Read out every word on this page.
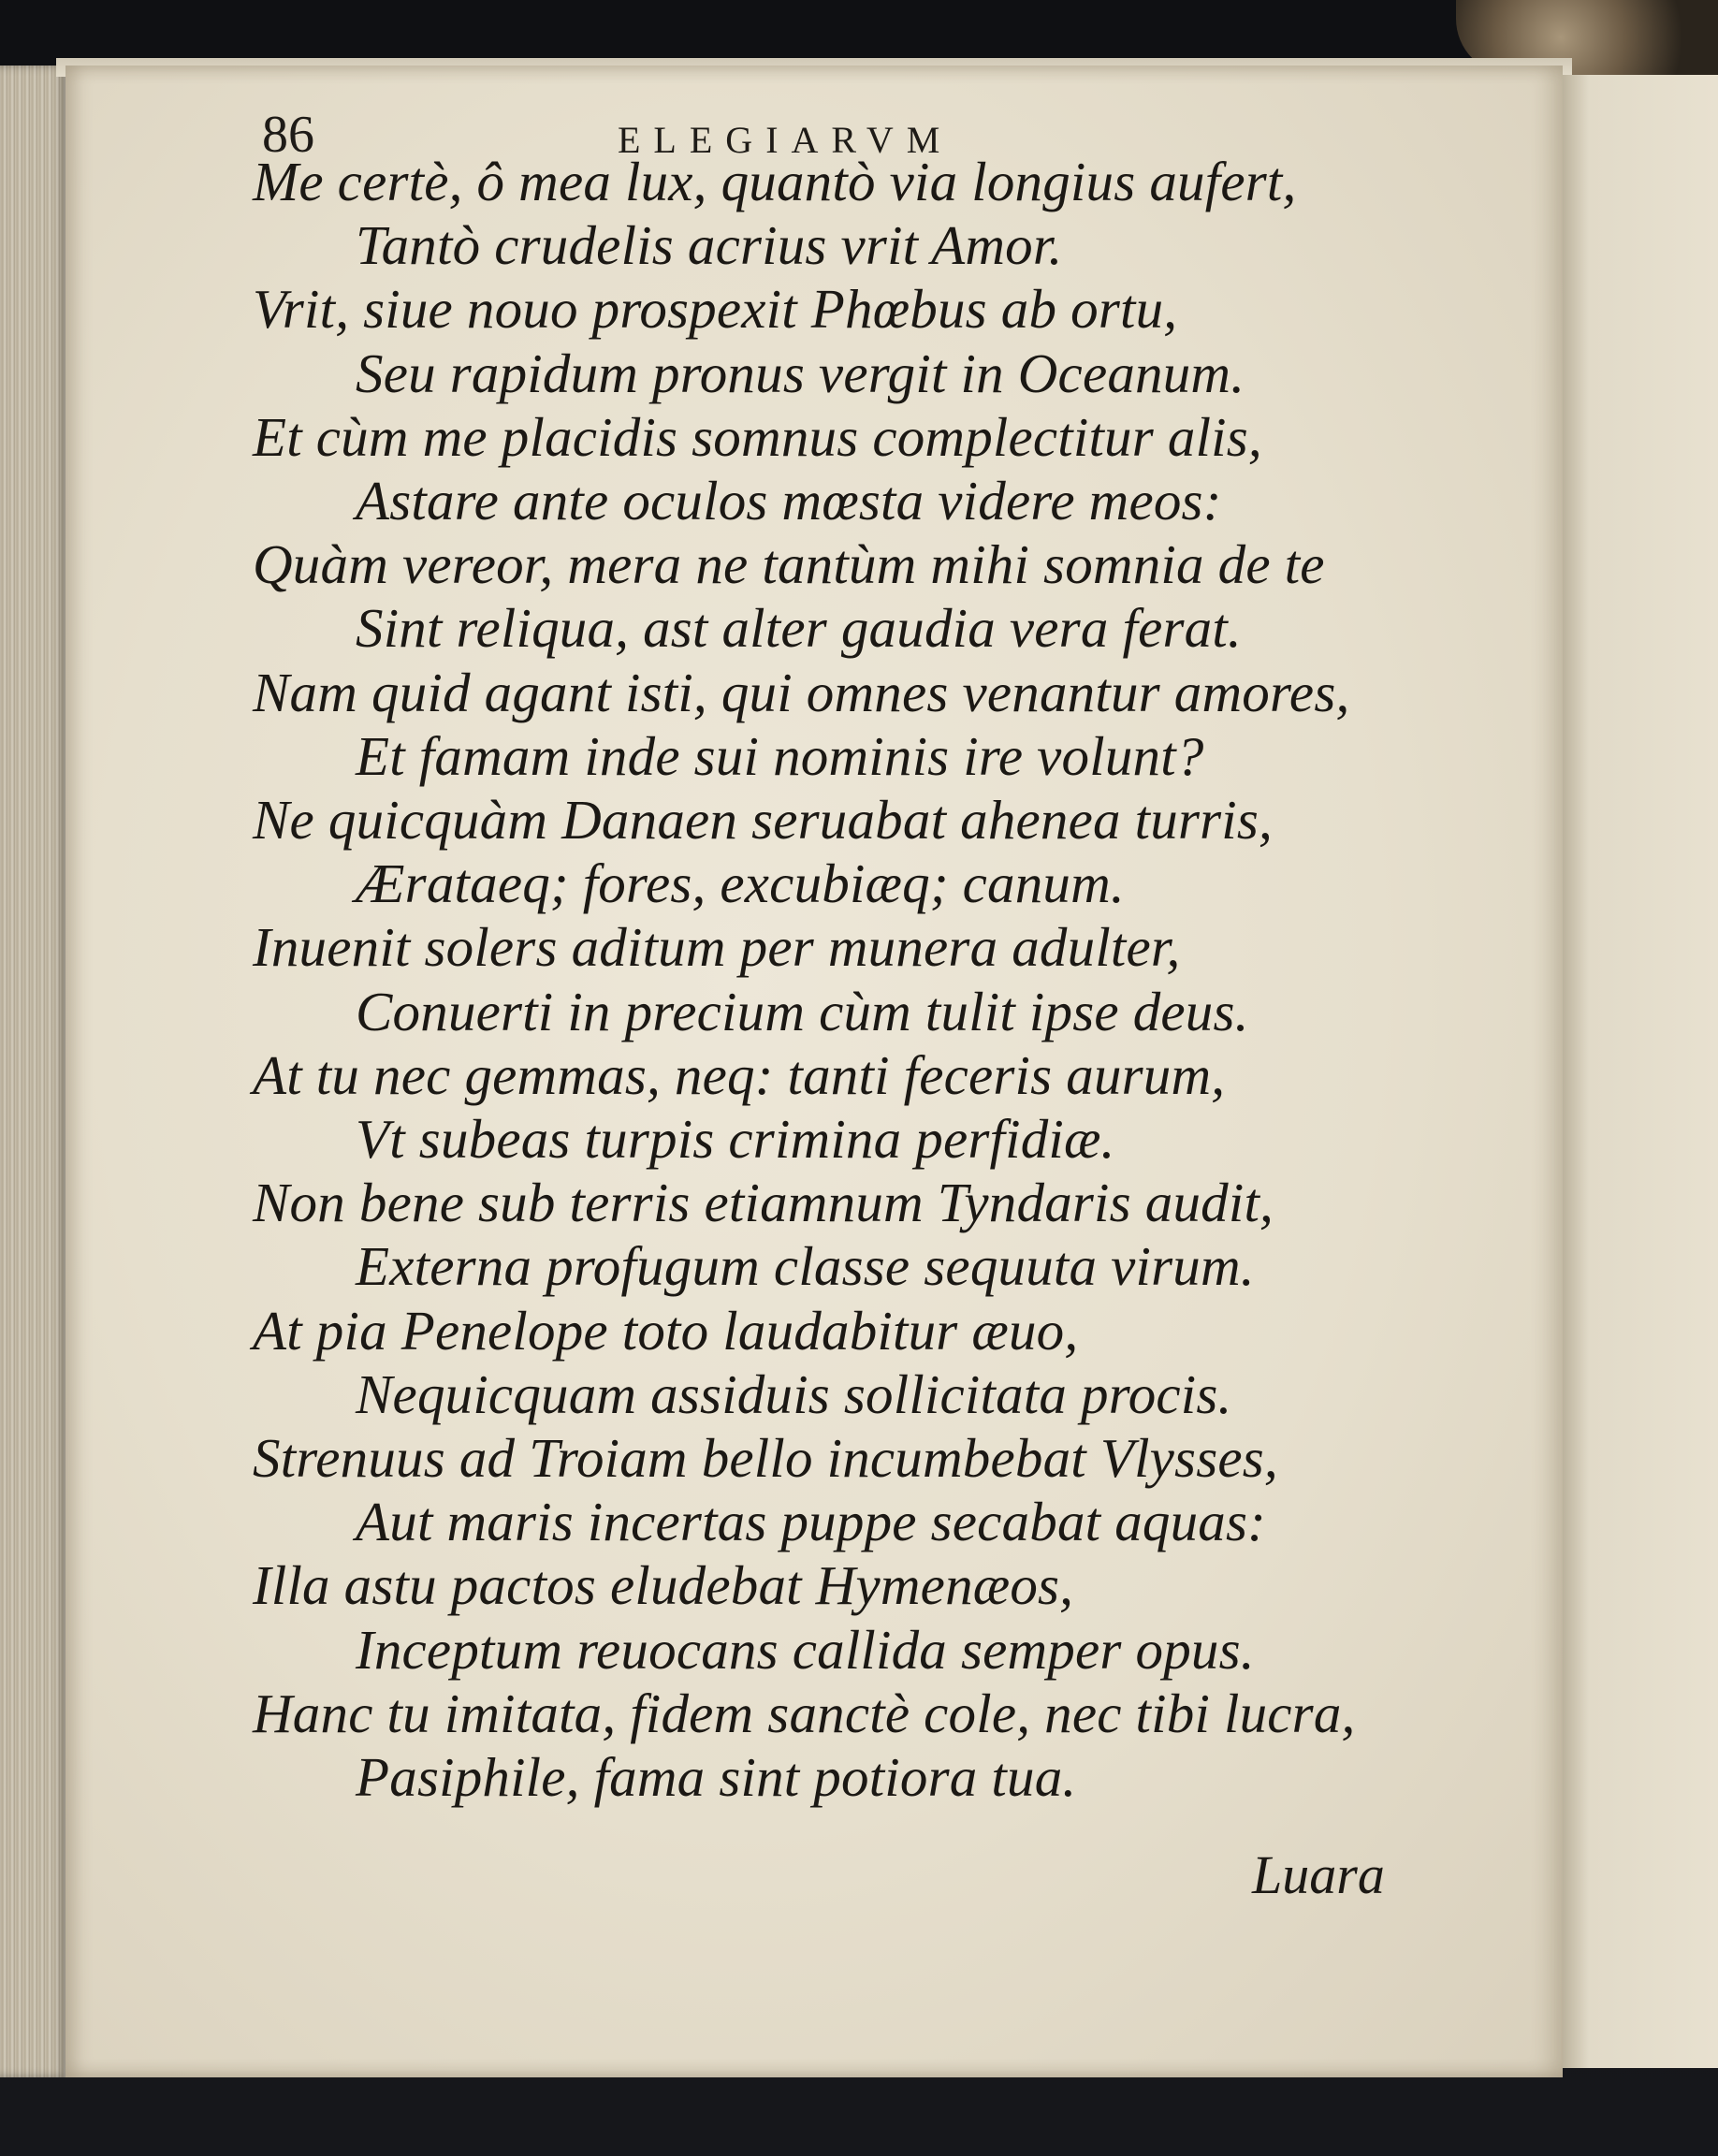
86	ELEGIARVM
Me certè, ô mea lux, quantò via longius aufert,
Tantò crudelis acrius vrit Amor.
Vrit, siue nouo prospexit Phœbus ab ortu,
Seu rapidum pronus vergit in Oceanum.
Et cùm me placidis somnus complectitur alis,
Astare ante oculos mœsta videre meos:
Quàm vereor, mera ne tantùm mihi somnia de te
Sint reliqua, ast alter gaudia vera ferat.
Nam quid agant isti, qui omnes venantur amores,
Et famam inde sui nominis ire volunt?
Ne quicquàm Danaen seruabat ahenea turris,
Ærataeq; fores, excubiæq; canum.
Inuenit solers aditum per munera adulter,
Conuerti in precium cùm tulit ipse deus.
At tu nec gemmas, neq: tanti feceris aurum,
Vt subeas turpis crimina perfidiæ.
Non bene sub terris etiamnum Tyndaris audit,
Externa profugum classe sequuta virum.
At pia Penelope toto laudabitur æuo,
Nequicquam assiduis sollicitata procis.
Strenuus ad Troiam bello incumbebat Vlysses,
Aut maris incertas puppe secabat aquas:
Illa astu pactos eludebat Hymenæos,
Inceptum reuocans callida semper opus.
Hanc tu imitata, fidem sanctè cole, nec tibi lucra,
Pasiphile, fama sint potiora tua.
Luara
